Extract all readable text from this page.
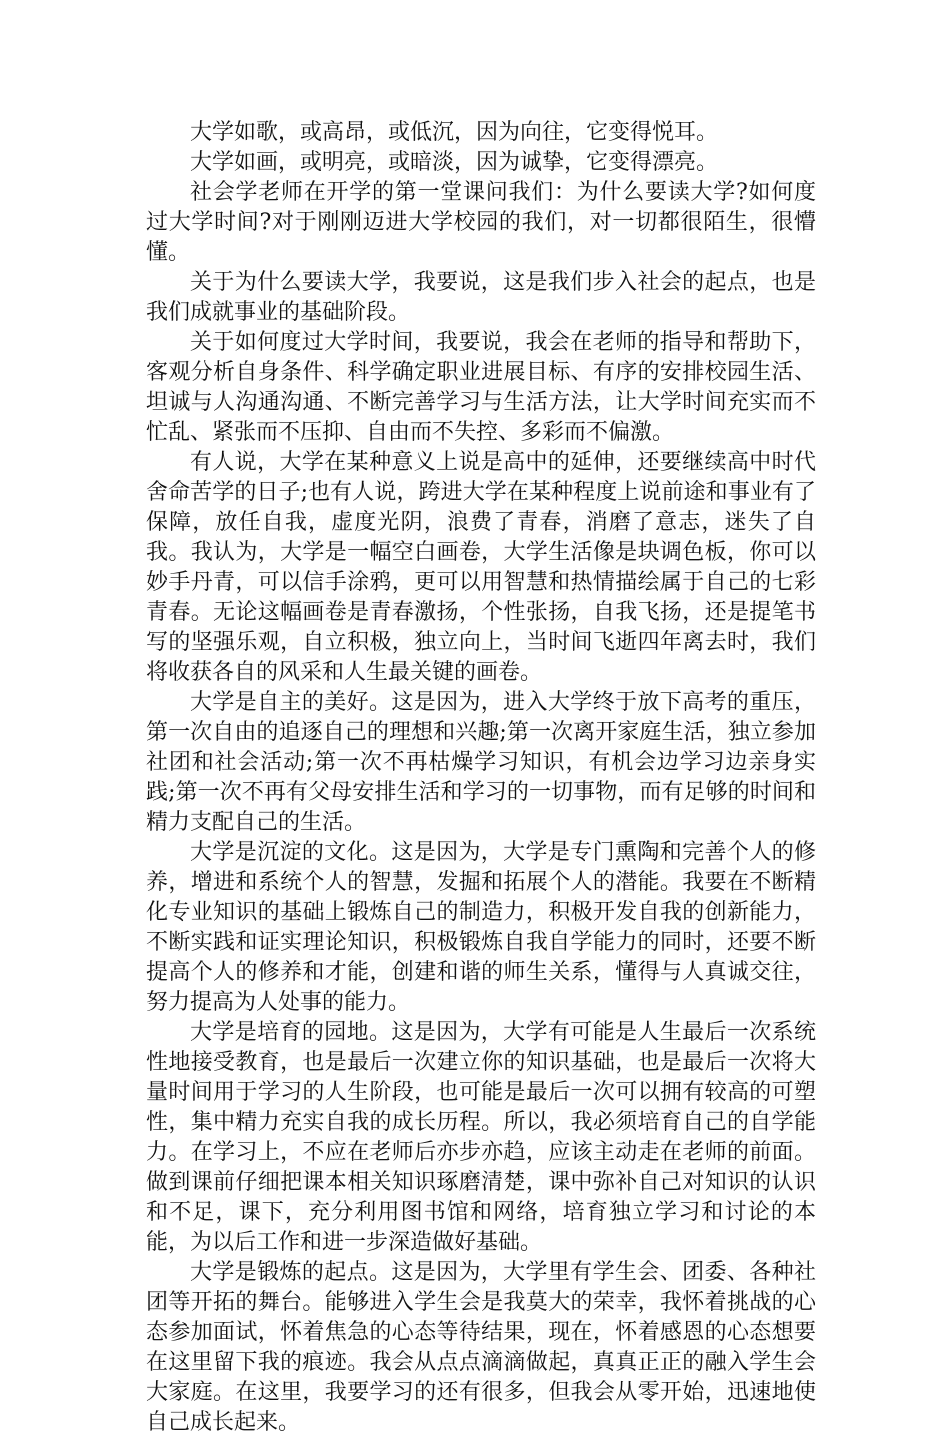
大学如歌，或高昂，或低沉，因为向往，它变得悦耳。

大学如画，或明亮，或暗淡，因为诚挚，它变得漂亮。

社会学老师在开学的第一堂课问我们：为什么要读大学?如何度过大学时间?对于刚刚迈进大学校园的我们，对一切都很陌生，很懵懂。

关于为什么要读大学，我要说，这是我们步入社会的起点，也是我们成就事业的基础阶段。

关于如何度过大学时间，我要说，我会在老师的指导和帮助下，客观分析自身条件、科学确定职业进展目标、有序的安排校园生活、坦诚与人沟通沟通、不断完善学习与生活方法，让大学时间充实而不忙乱、紧张而不压抑、自由而不失控、多彩而不偏激。

有人说，大学在某种意义上说是高中的延伸，还要继续高中时代舍命苦学的日子;也有人说，跨进大学在某种程度上说前途和事业有了保障，放任自我，虚度光阴，浪费了青春，消磨了意志，迷失了自我。我认为，大学是一幅空白画卷，大学生活像是块调色板，你可以妙手丹青，可以信手涂鸦，更可以用智慧和热情描绘属于自己的七彩青春。无论这幅画卷是青春激扬，个性张扬，自我飞扬，还是提笔书写的坚强乐观，自立积极，独立向上，当时间飞逝四年离去时，我们将收获各自的风采和人生最关键的画卷。

大学是自主的美好。这是因为，进入大学终于放下高考的重压，第一次自由的追逐自己的理想和兴趣;第一次离开家庭生活，独立参加社团和社会活动;第一次不再枯燥学习知识，有机会边学习边亲身实践;第一次不再有父母安排生活和学习的一切事物，而有足够的时间和精力支配自己的生活。

大学是沉淀的文化。这是因为，大学是专门熏陶和完善个人的修养，增进和系统个人的智慧，发掘和拓展个人的潜能。我要在不断精化专业知识的基础上锻炼自己的制造力，积极开发自我的创新能力，不断实践和证实理论知识，积极锻炼自我自学能力的同时，还要不断提高个人的修养和才能，创建和谐的师生关系，懂得与人真诚交往，努力提高为人处事的能力。

大学是培育的园地。这是因为，大学有可能是人生最后一次系统性地接受教育，也是最后一次建立你的知识基础，也是最后一次将大量时间用于学习的人生阶段，也可能是最后一次可以拥有较高的可塑性，集中精力充实自我的成长历程。所以，我必须培育自己的自学能力。在学习上，不应在老师后亦步亦趋，应该主动走在老师的前面。做到课前仔细把课本相关知识琢磨清楚，课中弥补自己对知识的认识和不足，课下，充分利用图书馆和网络，培育独立学习和讨论的本能，为以后工作和进一步深造做好基础。

大学是锻炼的起点。这是因为，大学里有学生会、团委、各种社团等开拓的舞台。能够进入学生会是我莫大的荣幸，我怀着挑战的心态参加面试，怀着焦急的心态等待结果，现在，怀着感恩的心态想要在这里留下我的痕迹。我会从点点滴滴做起，真真正正的融入学生会大家庭。在这里，我要学习的还有很多，但我会从零开始，迅速地使自己成长起来。
